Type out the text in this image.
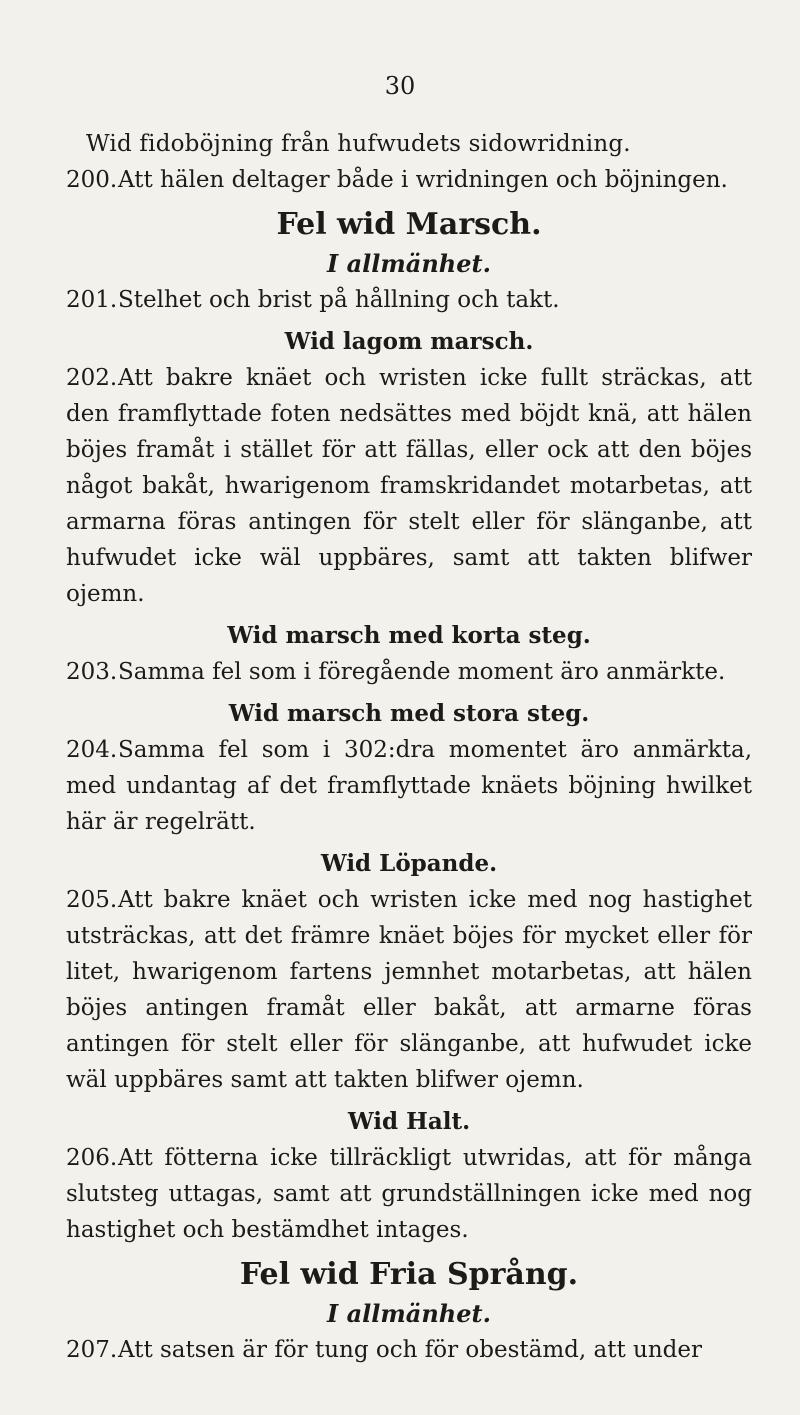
30

Wid fidoböjning från hufwudets sidowridning.

200.Att hälen deltager både i wridningen och böjningen.

Fel wid Marsch.
I allmänhet.

201.Stelhet och brist på hållning och takt.

Wid lagom marsch.

202.Att bakre knäet och wristen icke fullt sträckas, att den framflyttade foten nedsättes med böjdt knä, att hälen böjes framåt i stället för att fällas, eller ock att den böjes något bakåt, hwarigenom framskridandet motarbetas, att armarna föras antingen för stelt eller för slänganbe, att hufwudet icke wäl uppbäres, samt att takten blifwer ojemn.

Wid marsch med korta steg.

203.Samma fel som i föregående moment äro anmärkte.

Wid marsch med stora steg.

204.Samma fel som i 302:dra momentet äro anmärkta, med undantag af det framflyttade knäets böjning hwilket här är regelrätt.

Wid Löpande.

205.Att bakre knäet och wristen icke med nog hastighet utsträckas, att det främre knäet böjes för mycket eller för litet, hwarigenom fartens jemnhet motarbetas, att hälen böjes antingen framåt eller bakåt, att armarne föras antingen för stelt eller för slänganbe, att hufwudet icke wäl uppbäres samt att takten blifwer ojemn.

Wid Halt.

206.Att fötterna icke tillräckligt utwridas, att för många slutsteg uttagas, samt att grundställningen icke med nog hastighet och bestämdhet intages.

Fel wid Fria Språng.
I allmänhet.

207.Att satsen är för tung och för obestämd, att under
